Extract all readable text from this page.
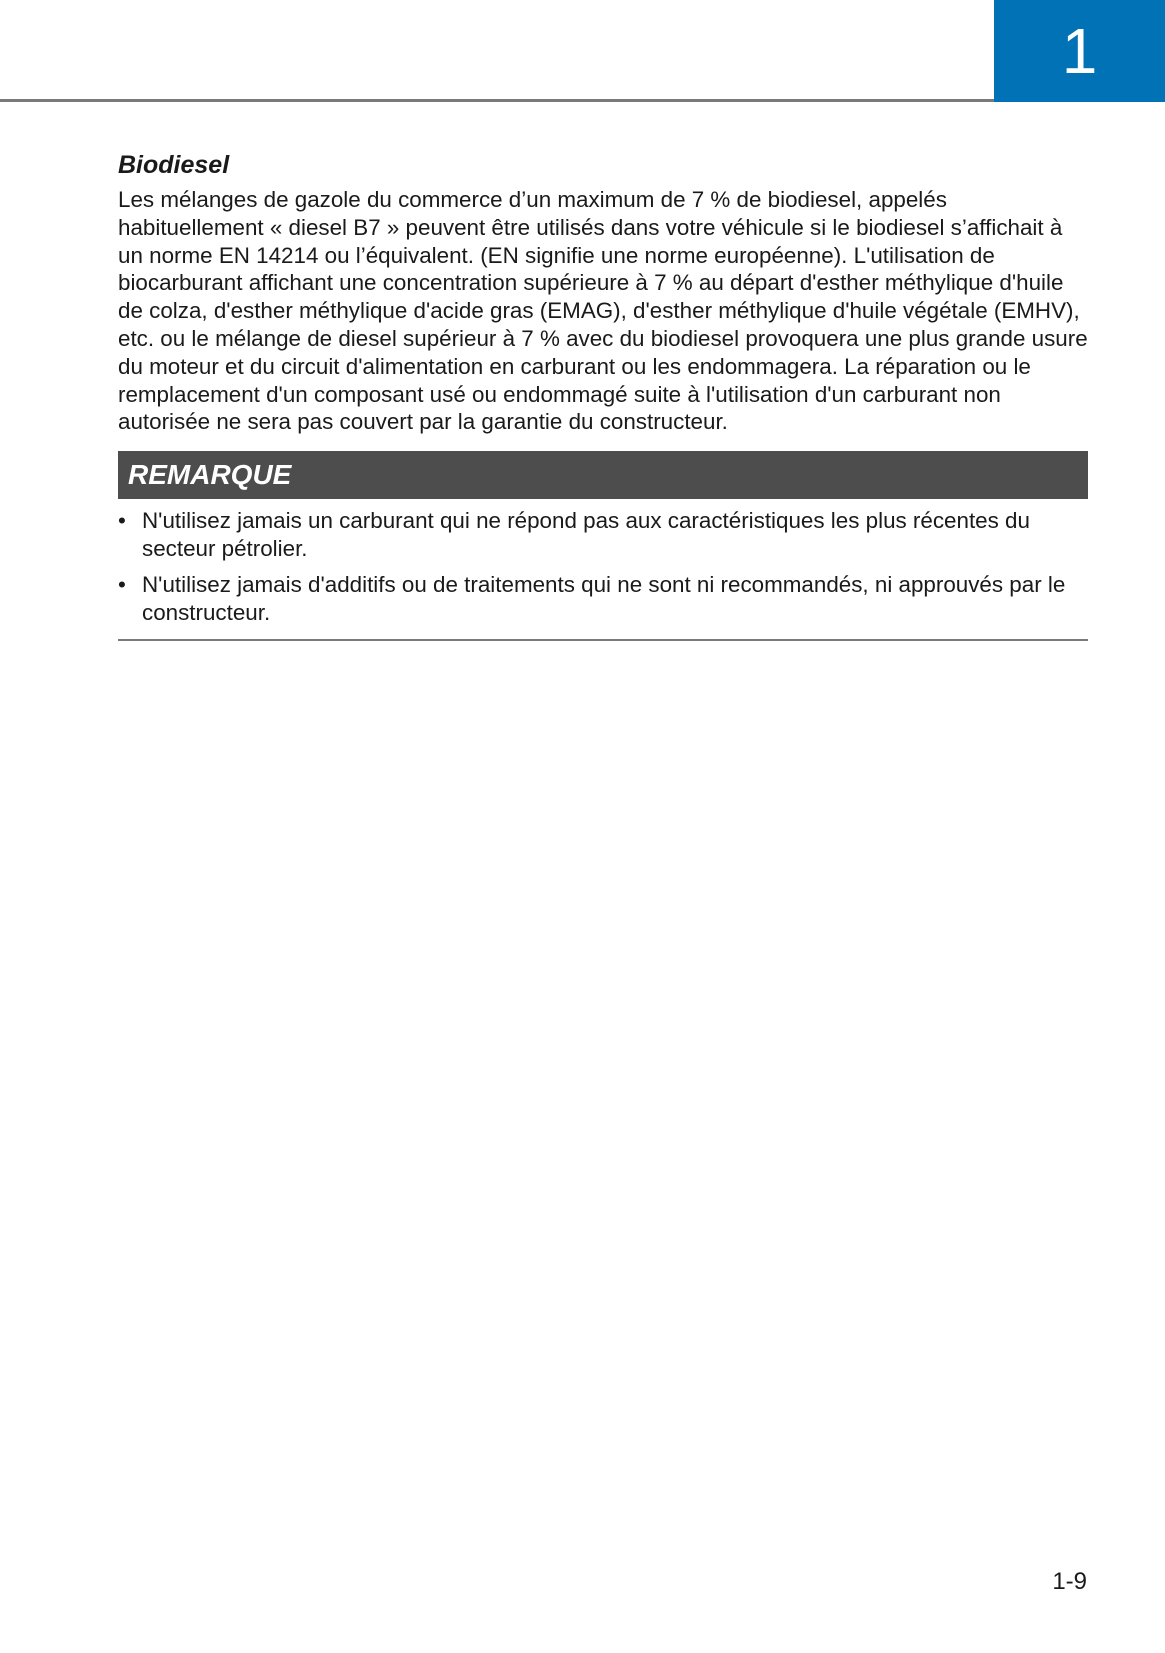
1
Biodiesel

Les mélanges de gazole du commerce d’un maximum de 7 % de biodiesel, appelés habituellement « diesel B7 » peuvent être utilisés dans votre véhicule si le biodiesel s’affichait à un norme EN 14214 ou l’équivalent. (EN signifie une norme européenne). L'utilisation de biocarburant affichant une concentration supérieure à 7 % au départ d'esther méthylique d'huile de colza, d'esther méthylique d'acide gras (EMAG), d'esther méthylique d'huile végétale (EMHV), etc. ou le mélange de diesel supérieur à 7 % avec du biodiesel provoquera une plus grande usure du moteur et du circuit d'alimentation en carburant ou les endommagera. La réparation ou le remplacement d'un composant usé ou endommagé suite à l'utilisation d'un carburant non autorisée ne sera pas couvert par la garantie du constructeur.

REMARQUE
• N'utilisez jamais un carburant qui ne répond pas aux caractéristiques les plus récentes du secteur pétrolier.
• N'utilisez jamais d'additifs ou de traitements qui ne sont ni recommandés, ni approuvés par le constructeur.
1-9
